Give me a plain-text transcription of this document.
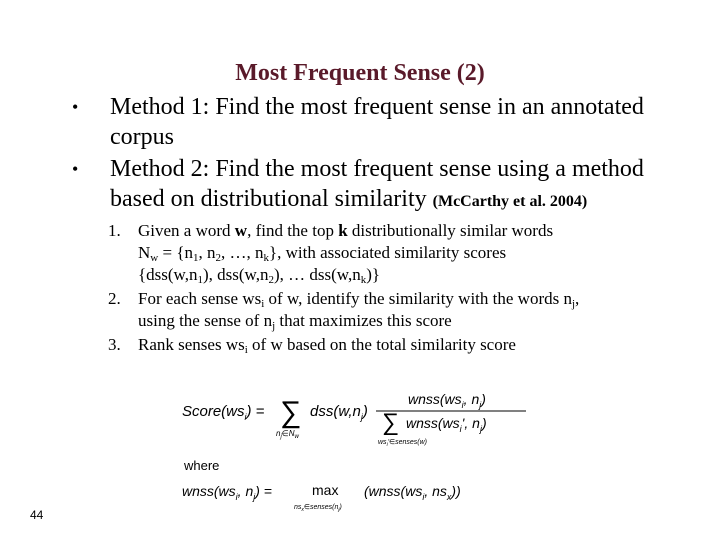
Most Frequent Sense (2)
• Method 1: Find the most frequent sense in an annotated corpus
• Method 2: Find the most frequent sense using a method based on distributional similarity (McCarthy et al. 2004)
1. Given a word w, find the top k distributionally similar words
$N_w = \{n_1$, $n_2$, …, $n_k$}, with associated similarity scores
{$dss(w,n_1)$, $dss(w,n_2)$, … $dss(w,n_k)$}
2. For each sense $ws_i$ of w, identify the similarity with the words $n_j$,
using the sense of $n_j$ that maximizes this score
3. Rank senses $ws_i$ of w based on the total similarity score
$Score(ws_i)$ = ∑
$n_j\in N_w$
$dss(w,n_j)$
$wnss(ws_i$, $n_j$)
∑
$ws_i'\in senses(w)$
$wnss(ws_i'$, $n_j$)
where
$wnss(ws_i$, $n_j$) =	max
$ns_x\in senses(n_j)$
($wnss(ws_i$, $ns_x$))
44
